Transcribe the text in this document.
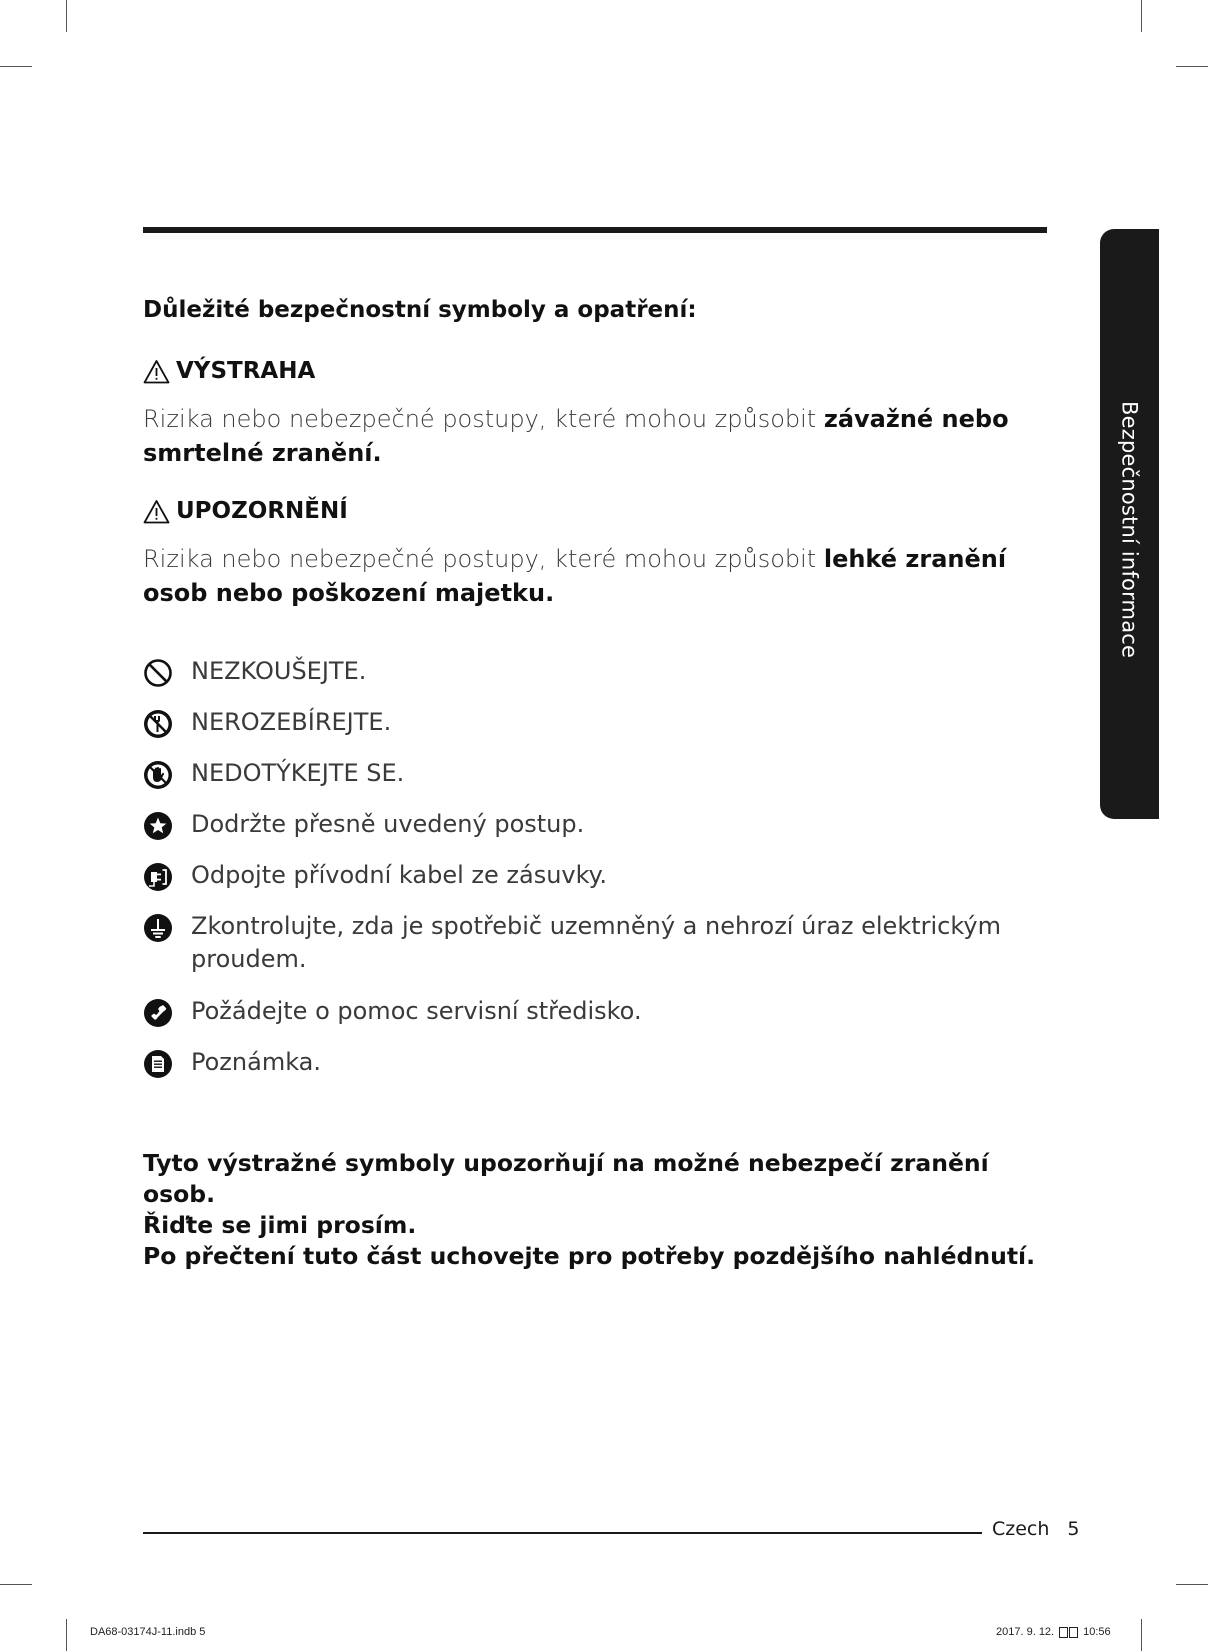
Bezpečnostní informace
Důležité bezpečnostní symboly a opatření:
VÝSTRAHA
Rizika nebo nebezpečné postupy, které mohou způsobit závažné nebo smrtelné zranění.
UPOZORNĚNÍ
Rizika nebo nebezpečné postupy, které mohou způsobit lehké zranění osob nebo poškození majetku.
NEZKOUŠEJTE.
NEROZEBÍREJTE.
NEDOTÝKEJTE SE.
Dodržte přesně uvedený postup.
Odpojte přívodní kabel ze zásuvky.
Zkontrolujte, zda je spotřebič uzemněný a nehrozí úraz elektrickým proudem.
Požádejte o pomoc servisní středisko.
Poznámka.
Tyto výstražné symboly upozorňují na možné nebezpečí zranění osob.
Řiďte se jimi prosím.
Po přečtení tuto část uchovejte pro potřeby pozdějšího nahlédnutí.
Czech 5
DA68-03174J-11.indb 5	2017. 9. 12.	10:56
